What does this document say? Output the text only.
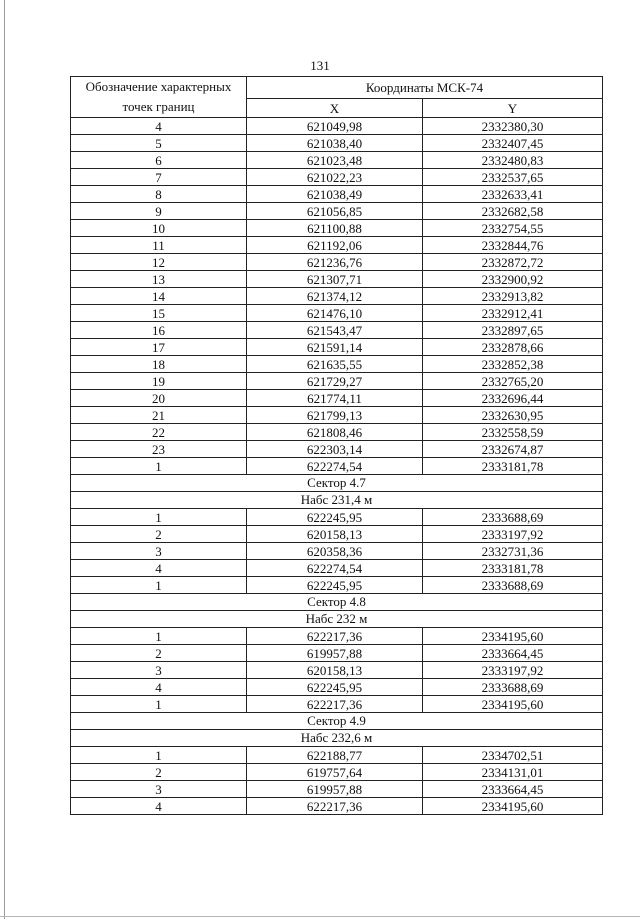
131
Обозначение характерных точек границ	Координаты МСК-74	
	X	Y
4	621049,98	2332380,30
5	621038,40	2332407,45
6	621023,48	2332480,83
7	621022,23	2332537,65
8	621038,49	2332633,41
9	621056,85	2332682,58
10	621100,88	2332754,55
11	621192,06	2332844,76
12	621236,76	2332872,72
13	621307,71	2332900,92
14	621374,12	2332913,82
15	621476,10	2332912,41
16	621543,47	2332897,65
17	621591,14	2332878,66
18	621635,55	2332852,38
19	621729,27	2332765,20
20	621774,11	2332696,44
21	621799,13	2332630,95
22	621808,46	2332558,59
23	622303,14	2332674,87
1	622274,54	2333181,78
Сектор 4.7		
Набс 231,4 м		
1	622245,95	2333688,69
2	620158,13	2333197,92
3	620358,36	2332731,36
4	622274,54	2333181,78
1	622245,95	2333688,69
Сектор 4.8		
Набс 232 м		
1	622217,36	2334195,60
2	619957,88	2333664,45
3	620158,13	2333197,92
4	622245,95	2333688,69
1	622217,36	2334195,60
Сектор 4.9		
Набс 232,6 м		
1	622188,77	2334702,51
2	619757,64	2334131,01
3	619957,88	2333664,45
4	622217,36	2334195,60
